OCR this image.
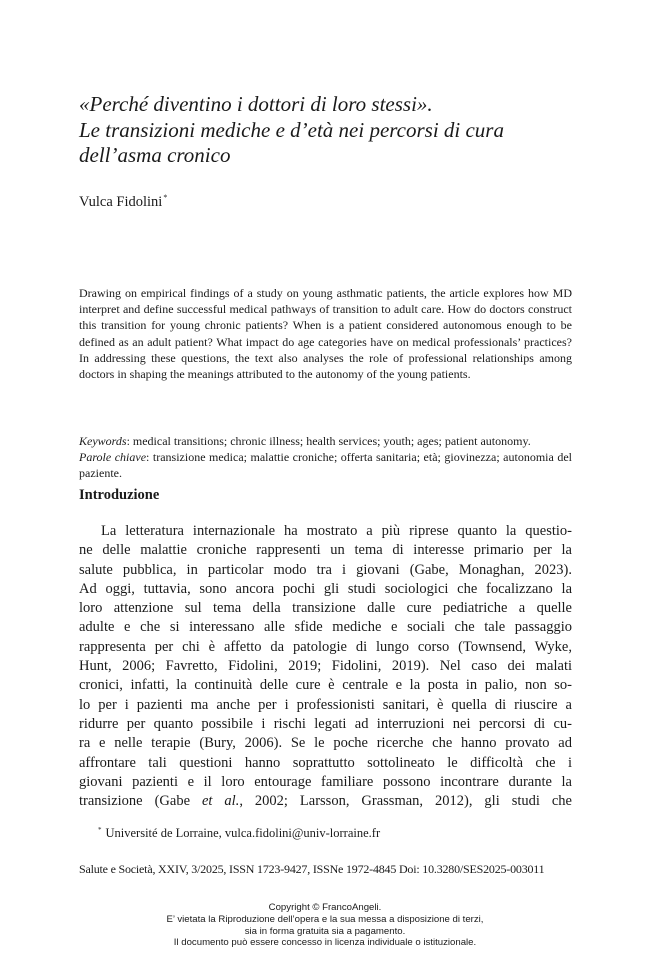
«Perché diventino i dottori di loro stessi».
Le transizioni mediche e d’età nei percorsi di cura
dell’asma cronico
Vulca Fidolini*

Drawing on empirical findings of a study on young asthmatic patients, the article explores how MD interpret and define successful medical pathways of transition to adult care. How do doctors construct this transition for young chronic patients? When is a patient considered autonomous enough to be defined as an adult patient? What impact do age categories have on medical professionals’ practices? In addressing these questions, the text also analyses the role of professional relationships among doctors in shaping the meanings attributed to the autonomy of the young patients.

Keywords: medical transitions; chronic illness; health services; youth; ages; patient autonomy.
Parole chiave: transizione medica; malattie croniche; offerta sanitaria; età; giovinezza; autonomia del paziente.

Introduzione
La letteratura internazionale ha mostrato a più riprese quanto la questio-
ne delle malattie croniche rappresenti un tema di interesse primario per la
salute pubblica, in particolar modo tra i giovani (Gabe, Monaghan, 2023).
Ad oggi, tuttavia, sono ancora pochi gli studi sociologici che focalizzano la
loro attenzione sul tema della transizione dalle cure pediatriche a quelle
adulte e che si interessano alle sfide mediche e sociali che tale passaggio
rappresenta per chi è affetto da patologie di lungo corso (Townsend, Wyke,
Hunt, 2006; Favretto, Fidolini, 2019; Fidolini, 2019). Nel caso dei malati
cronici, infatti, la continuità delle cure è centrale e la posta in palio, non so-
lo per i pazienti ma anche per i professionisti sanitari, è quella di riuscire a
ridurre per quanto possibile i rischi legati ad interruzioni nei percorsi di cu-
ra e nelle terapie (Bury, 2006). Se le poche ricerche che hanno provato ad
affrontare tali questioni hanno soprattutto sottolineato le difficoltà che i
giovani pazienti e il loro entourage familiare possono incontrare durante la
transizione (Gabe et al., 2002; Larsson, Grassman, 2012), gli studi che
* Université de Lorraine, vulca.fidolini@univ-lorraine.fr
Salute e Società, XXIV, 3/2025, ISSN 1723-9427, ISSNe 1972-4845 Doi: 10.3280/SES2025-003011
Copyright © FrancoAngeli.
E’ vietata la Riproduzione dell’opera e la sua messa a disposizione di terzi,
sia in forma gratuita sia a pagamento.
Il documento può essere concesso in licenza individuale o istituzionale.
